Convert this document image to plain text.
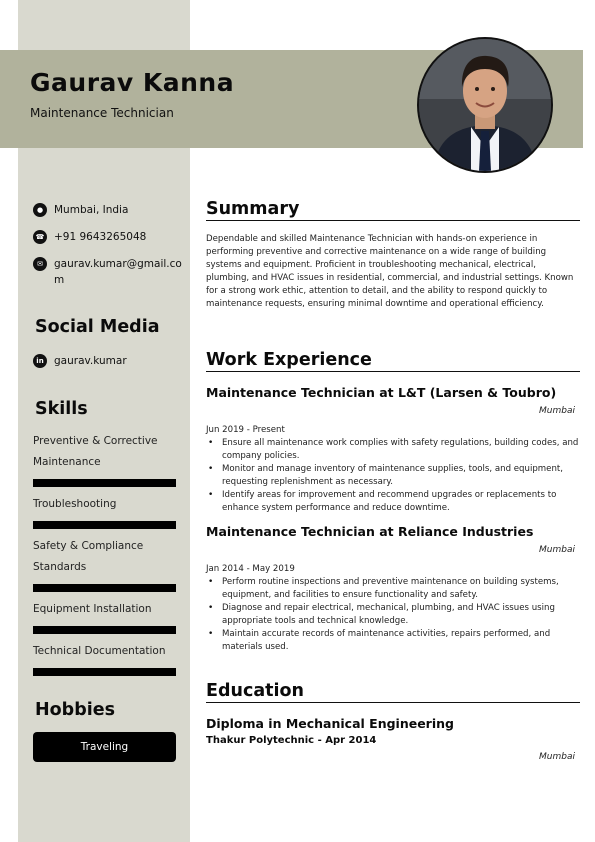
Gaurav Kanna
Maintenance Technician
●	Mumbai, India
☎ +91 9643265048
✉	gaurav.kumar@gmail.com
Social Media
in gaurav.kumar
Skills
Preventive & Corrective Maintenance
Troubleshooting
Safety & Compliance Standards
Equipment Installation
Technical Documentation
Hobbies
Traveling
Summary
Dependable and skilled Maintenance Technician with hands-on experience in performing preventive and corrective maintenance on a wide range of building systems and equipment. Proficient in troubleshooting mechanical, electrical, plumbing, and HVAC issues in residential, commercial, and industrial settings. Known for a strong work ethic, attention to detail, and the ability to respond quickly to maintenance requests, ensuring minimal downtime and operational efficiency.
Work Experience
Maintenance Technician at L&T (Larsen & Toubro)
Mumbai
Jun 2019 - Present
• Ensure all maintenance work complies with safety regulations, building codes, and company policies.
• Monitor and manage inventory of maintenance supplies, tools, and equipment, requesting replenishment as necessary.
• Identify areas for improvement and recommend upgrades or replacements to enhance system performance and reduce downtime.
Maintenance Technician at Reliance Industries
Mumbai
Jan 2014 - May 2019
• Perform routine inspections and preventive maintenance on building systems, equipment, and facilities to ensure functionality and safety.
• Diagnose and repair electrical, mechanical, plumbing, and HVAC issues using appropriate tools and technical knowledge.
• Maintain accurate records of maintenance activities, repairs performed, and materials used.
Education
Diploma in Mechanical Engineering
Thakur Polytechnic - Apr 2014
Mumbai
